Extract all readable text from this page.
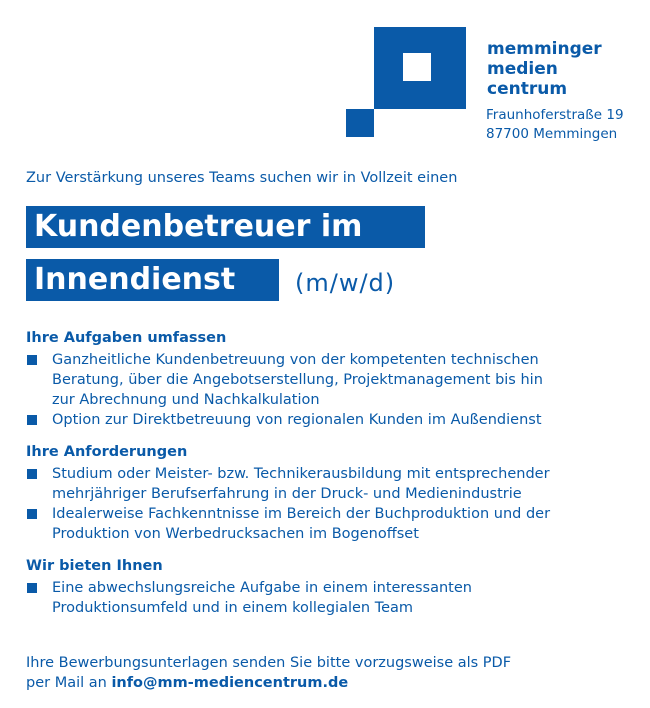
memminger
medien
centrum
Fraunhoferstraße 19
87700 Memmingen
Zur Verstärkung unseres Teams suchen wir in Vollzeit einen
Kundenbetreuer im
Innendienst	(m/w/d)
Ihre Aufgaben umfassen
Ganzheitliche Kundenbetreuung von der kompetenten technischen
Beratung, über die Angebotserstellung, Projektmanagement bis hin
zur Abrechnung und Nachkalkulation
Option zur Direktbetreuung von regionalen Kunden im Außendienst
Ihre Anforderungen
Studium oder Meister- bzw. Technikerausbildung mit entsprechender
mehrjähriger Berufserfahrung in der Druck- und Medienindustrie
Idealerweise Fachkenntnisse im Bereich der Buchproduktion und der
Produktion von Werbedrucksachen im Bogenoffset
Wir bieten Ihnen
Eine abwechslungsreiche Aufgabe in einem interessanten
Produktionsumfeld und in einem kollegialen Team
Ihre Bewerbungsunterlagen senden Sie bitte vorzugsweise als PDF
per Mail an info@mm-mediencentrum.de
